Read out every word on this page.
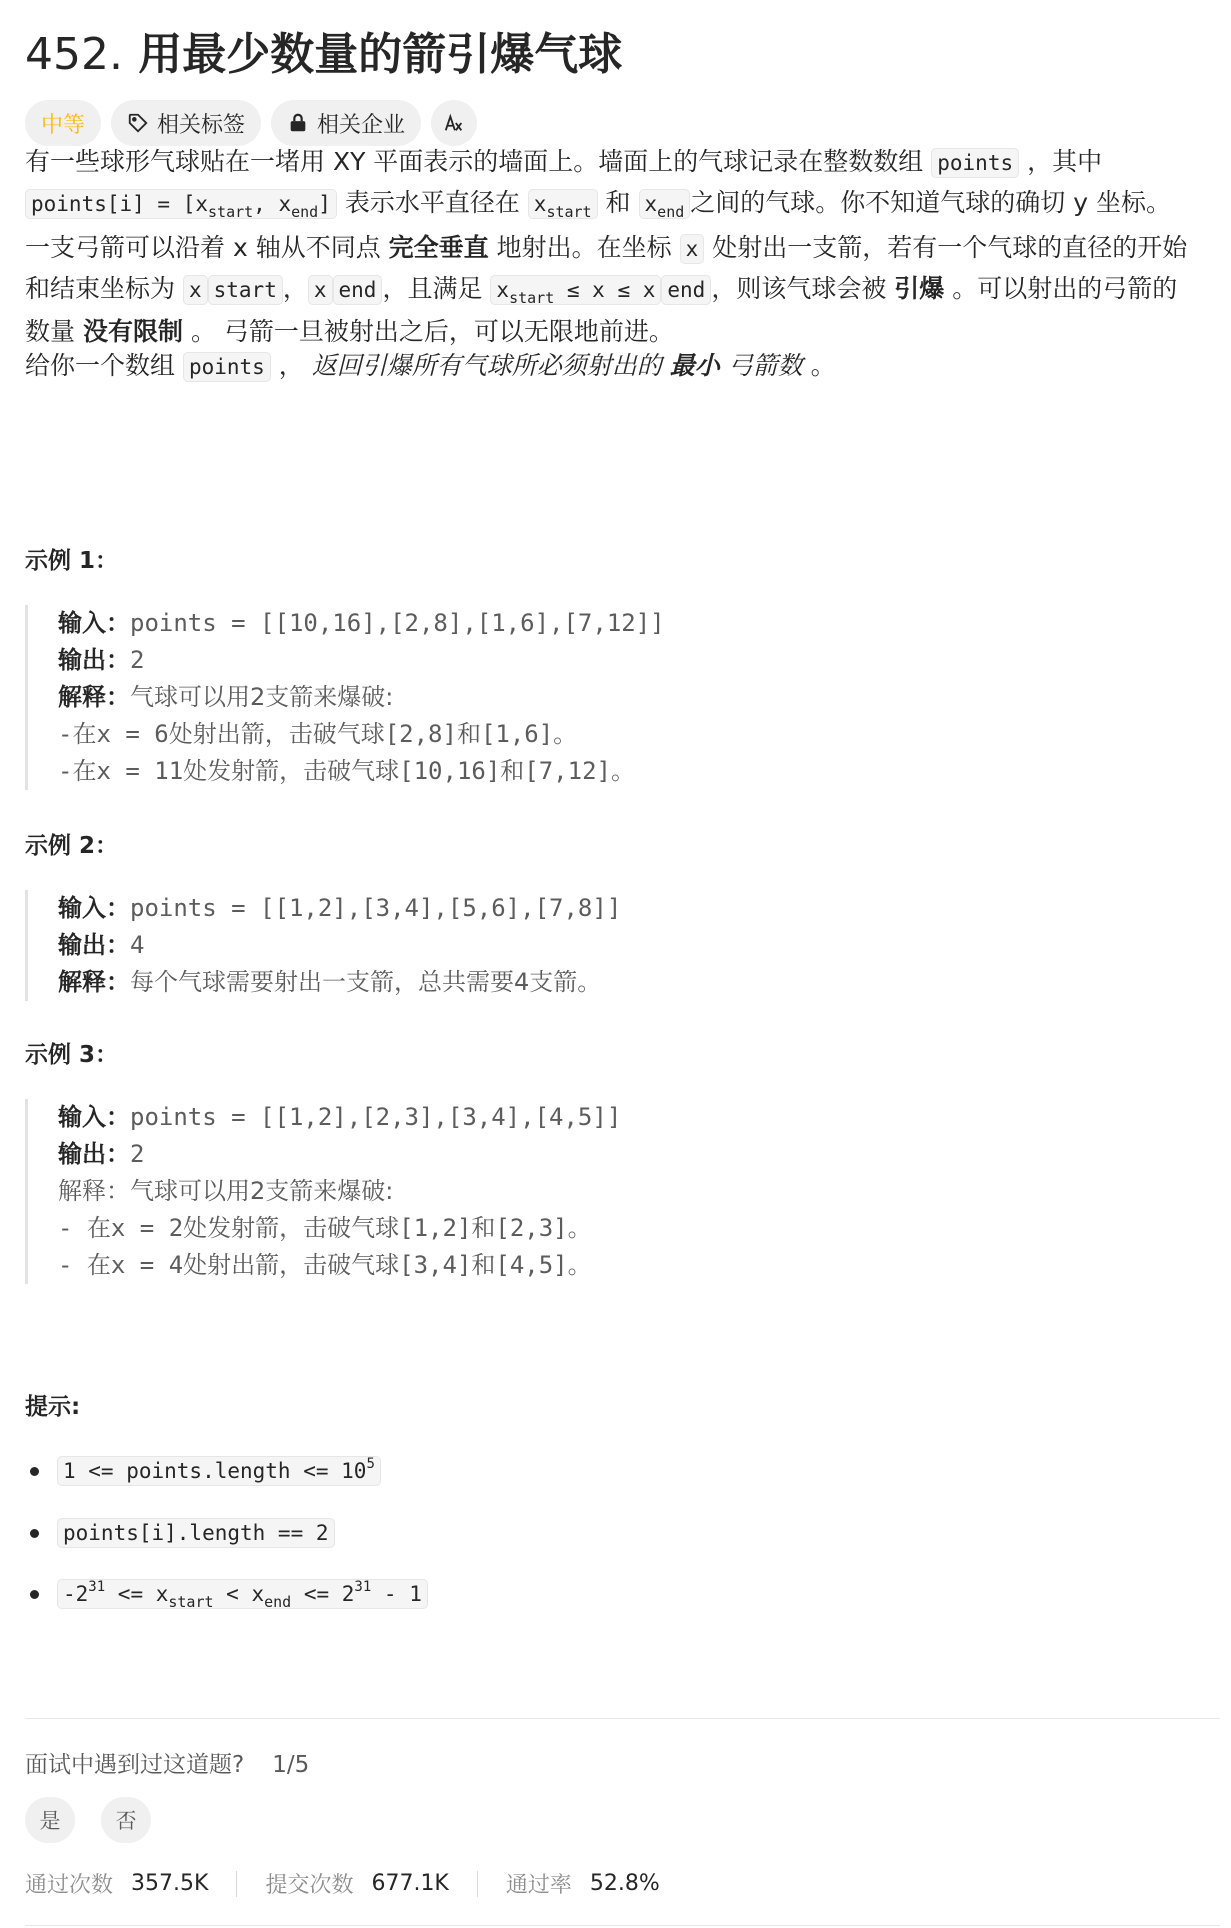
452. 用最少数量的箭引爆气球
中等	相关标签	相关企业
有一些球形气球贴在一堵用 XY 平面表示的墙面上。墙面上的气球记录在整数数组 points ，其中
points[i] = [$x_{start}$, $x_{end}$] 表示水平直径在 $x_{start}$ 和 $x_{end}$ 之间的气球。你不知道气球的确切 y 坐标。
一支弓箭可以沿着 x 轴从不同点 完全垂直 地射出。在坐标 x 处射出一支箭，若有一个气球的直径的开始
和结束坐标为 x start ， x end ，且满足 $x_{start} \le x \le x$ end ，则该气球会被 引爆 。可以射出的弓箭的
数量 没有限制 。 弓箭一旦被射出之后，可以无限地前进。
给你一个数组 points ， 返回引爆所有气球所必须射出的 最小 弓箭数 。
示例 1：
输入：points = [[10,16],[2,8],[1,6],[7,12]]
输出：2
解释：气球可以用2支箭来爆破:
-在x = 6处射出箭，击破气球[2,8]和[1,6]。
-在x = 11处发射箭，击破气球[10,16]和[7,12]。
示例 2：
输入：points = [[1,2],[3,4],[5,6],[7,8]]
输出：4
解释：每个气球需要射出一支箭，总共需要4支箭。
示例 3：
输入：points = [[1,2],[2,3],[3,4],[4,5]]
输出：2
解释：气球可以用2支箭来爆破:
- 在x = 2处发射箭，击破气球[1,2]和[2,3]。
- 在x = 4处射出箭，击破气球[3,4]和[4,5]。
提示:
1 <= points.length <= $10^5$
points[i].length == 2
$-2^{31} <= x_{start} < x_{end} <= 2^{31} - 1$
面试中遇到过这道题? 1/5
是	否
通过次数 357.5K	提交次数 677.1K	通过率 52.8%
